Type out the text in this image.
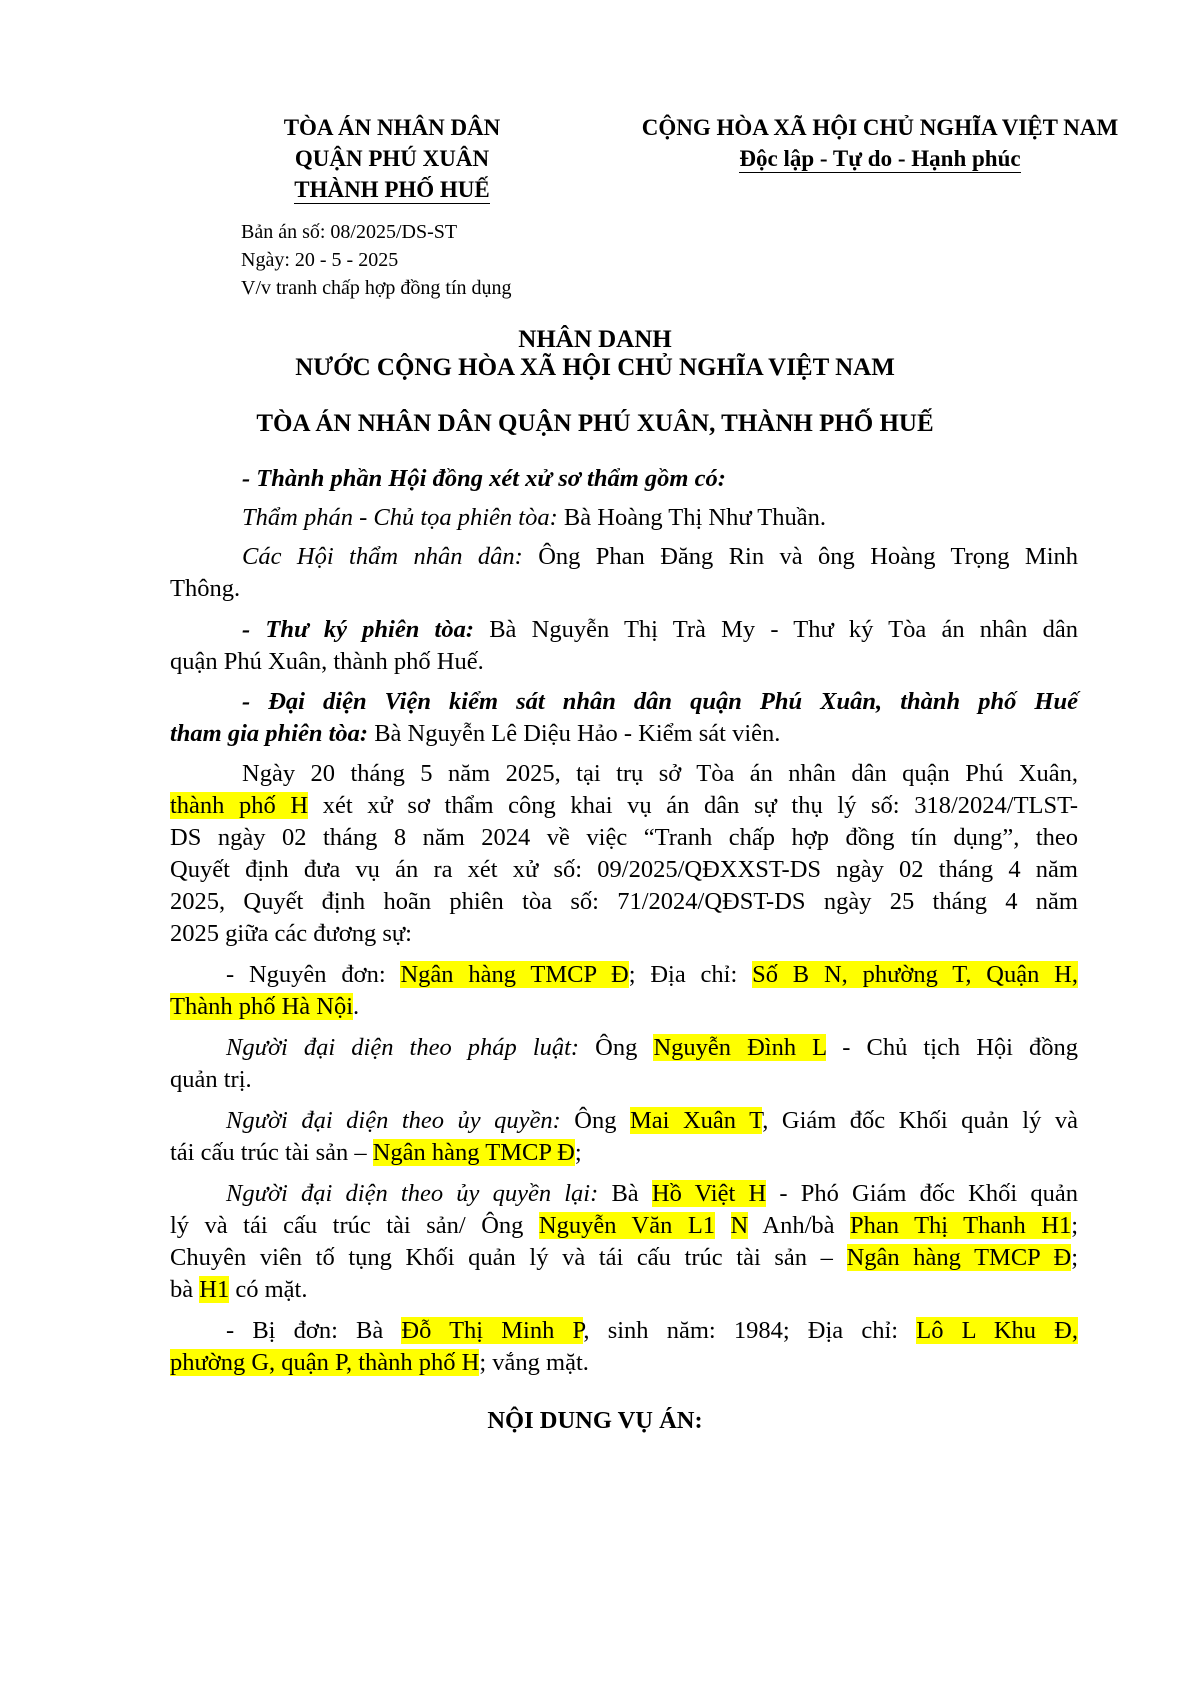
TÒA ÁN NHÂN DÂN
QUẬN PHÚ XUÂN
THÀNH PHỐ HUẾ
CỘNG HÒA XÃ HỘI CHỦ NGHĨA VIỆT NAM
Độc lập - Tự do - Hạnh phúc
Bản án số: 08/2025/DS-ST
Ngày: 20 - 5 - 2025
V/v tranh chấp hợp đồng tín dụng
NHÂN DANH
NƯỚC CỘNG HÒA XÃ HỘI CHỦ NGHĨA VIỆT NAM
TÒA ÁN NHÂN DÂN QUẬN PHÚ XUÂN, THÀNH PHỐ HUẾ
- Thành phần Hội đồng xét xử sơ thẩm gồm có:
Thẩm phán - Chủ tọa phiên tòa: Bà Hoàng Thị Như Thuần.
Các Hội thẩm nhân dân: Ông Phan Đăng Rin và ông Hoàng Trọng Minh
Thông.
- Thư ký phiên tòa: Bà Nguyễn Thị Trà My - Thư ký Tòa án nhân dân
quận Phú Xuân, thành phố Huế.
- Đại diện Viện kiểm sát nhân dân quận Phú Xuân, thành phố Huế
tham gia phiên tòa: Bà Nguyễn Lê Diệu Hảo - Kiểm sát viên.
Ngày 20 tháng 5 năm 2025, tại trụ sở Tòa án nhân dân quận Phú Xuân,
thành phố H xét xử sơ thẩm công khai vụ án dân sự thụ lý số: 318/2024/TLST-
DS ngày 02 tháng 8 năm 2024 về việc “Tranh chấp hợp đồng tín dụng”, theo
Quyết định đưa vụ án ra xét xử số: 09/2025/QĐXXST-DS ngày 02 tháng 4 năm
2025, Quyết định hoãn phiên tòa số: 71/2024/QĐST-DS ngày 25 tháng 4 năm
2025 giữa các đương sự:
- Nguyên đơn: Ngân hàng TMCP Đ; Địa chỉ: Số B N, phường T, Quận H,
Thành phố Hà Nội.
Người đại diện theo pháp luật: Ông Nguyễn Đình L - Chủ tịch Hội đồng
quản trị.
Người đại diện theo ủy quyền: Ông Mai Xuân T, Giám đốc Khối quản lý và
tái cấu trúc tài sản – Ngân hàng TMCP Đ;
Người đại diện theo ủy quyền lại: Bà Hồ Việt H - Phó Giám đốc Khối quản
lý và tái cấu trúc tài sản/ Ông Nguyễn Văn L1 N Anh/bà Phan Thị Thanh H1;
Chuyên viên tố tụng Khối quản lý và tái cấu trúc tài sản – Ngân hàng TMCP Đ;
bà H1 có mặt.
- Bị đơn: Bà Đỗ Thị Minh P, sinh năm: 1984; Địa chỉ: Lô L Khu Đ,
phường G, quận P, thành phố H; vắng mặt.
NỘI DUNG VỤ ÁN:
